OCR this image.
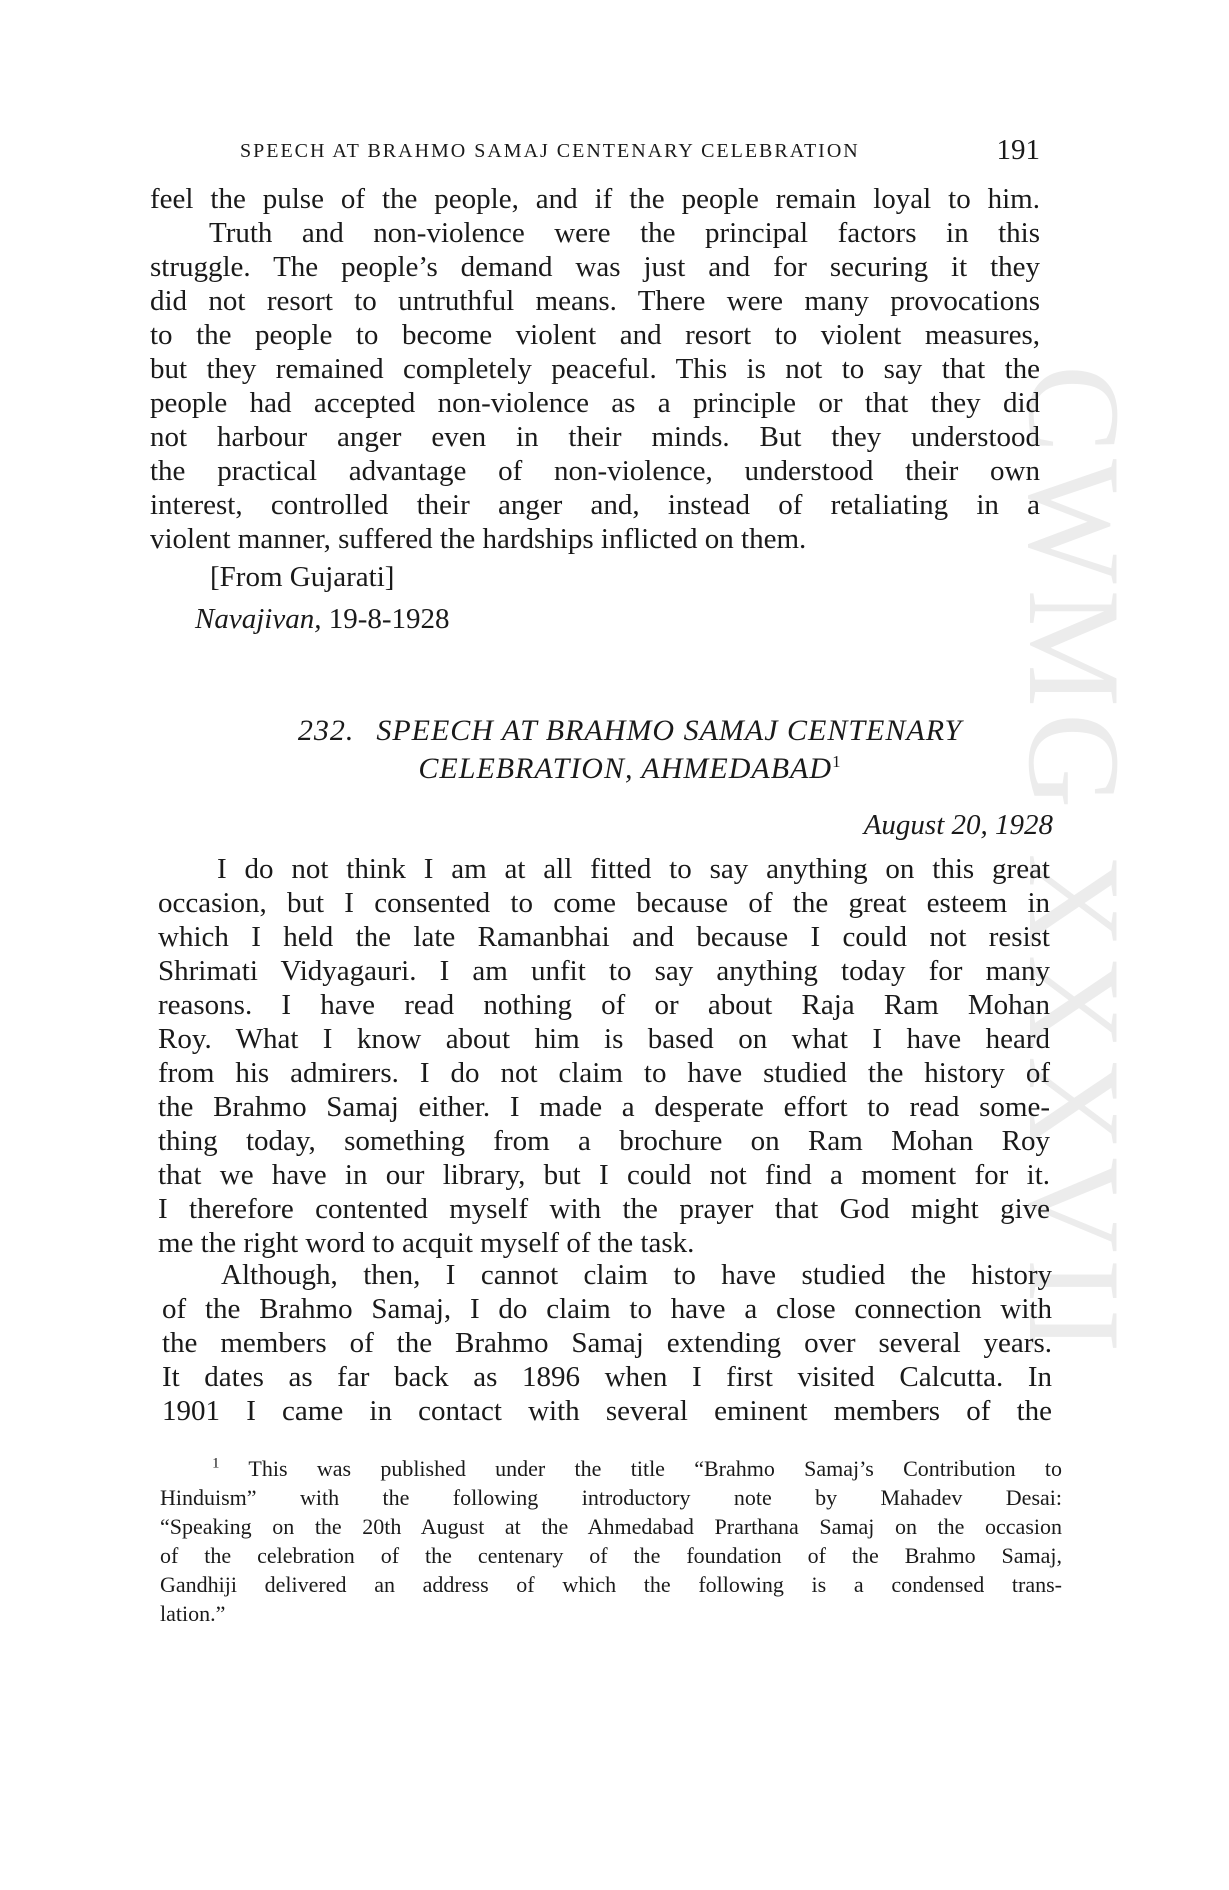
CWMG XXXVII
SPEECH AT BRAHMO SAMAJ CENTENARY CELEBRATION	191
feel the pulse of the people, and if the people remain loyal to him.
Truth and non-violence were the principal factors in this
struggle. The people’s demand was just and for securing it they
did not resort to untruthful means. There were many provocations
to the people to become violent and resort to violent measures,
but they remained completely peaceful. This is not to say that the
people had accepted non-violence as a principle or that they did
not harbour anger even in their minds. But they understood
the practical advantage of non-violence, understood their own
interest, controlled their anger and, instead of retaliating in a
violent manner, suffered the hardships inflicted on them.
[From Gujarati]
Navajivan, 19-8-1928
232. SPEECH AT BRAHMO SAMAJ CENTENARY
CELEBRATION, AHMEDABAD$^1$
August 20, 1928
I do not think I am at all fitted to say anything on this great
occasion, but I consented to come because of the great esteem in
which I held the late Ramanbhai and because I could not resist
Shrimati Vidyagauri. I am unfit to say anything today for many
reasons. I have read nothing of or about Raja Ram Mohan
Roy. What I know about him is based on what I have heard
from his admirers. I do not claim to have studied the history of
the Brahmo Samaj either. I made a desperate effort to read some-
thing today, something from a brochure on Ram Mohan Roy
that we have in our library, but I could not find a moment for it.
I therefore contented myself with the prayer that God might give
me the right word to acquit myself of the task.
Although, then, I cannot claim to have studied the history
of the Brahmo Samaj, I do claim to have a close connection with
the members of the Brahmo Samaj extending over several years.
It dates as far back as 1896 when I first visited Calcutta. In
1901 I came in contact with several eminent members of the
$^1$ This was published under the title “Brahmo Samaj’s Contribution to
Hinduism” with the following introductory note by Mahadev Desai:
“Speaking on the 20th August at the Ahmedabad Prarthana Samaj on the occasion
of the celebration of the centenary of the foundation of the Brahmo Samaj,
Gandhiji delivered an address of which the following is a condensed trans-
lation.”
